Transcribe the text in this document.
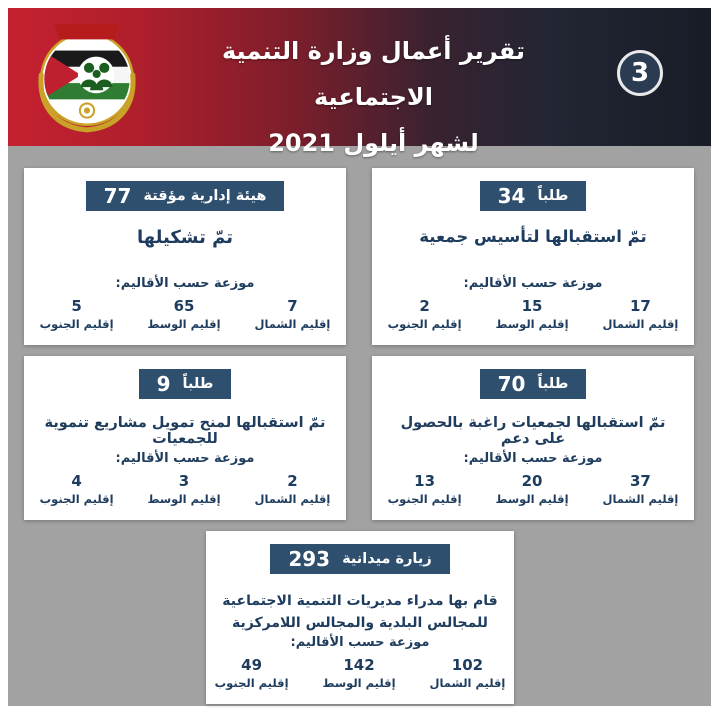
تقرير أعمال وزارة التنمية الاجتماعية
لشهر أيلول 2021
3
77 هيئة إدارية مؤقتة
تمّ تشكيلها
موزعة حسب الأقاليم:
7
إقليم الشمال
65
إقليم الوسط
5
إقليم الجنوب
34 طلباً
تمّ استقبالها لتأسيس جمعية
موزعة حسب الأقاليم:
17
إقليم الشمال
15
إقليم الوسط
2
إقليم الجنوب
9 طلباً
تمّ استقبالها لمنح تمويل مشاريع تنموية للجمعيات
موزعة حسب الأقاليم:
2
إقليم الشمال
3
إقليم الوسط
4
إقليم الجنوب
70 طلباً
تمّ استقبالها لجمعيات راغبة بالحصول على دعم
موزعة حسب الأقاليم:
37
إقليم الشمال
20
إقليم الوسط
13
إقليم الجنوب
293 زيارة ميدانية
قام بها مدراء مديريات التنمية الاجتماعية للمجالس البلدية والمجالس اللامركزية
موزعة حسب الأقاليم:
102
إقليم الشمال
142
إقليم الوسط
49
إقليم الجنوب
